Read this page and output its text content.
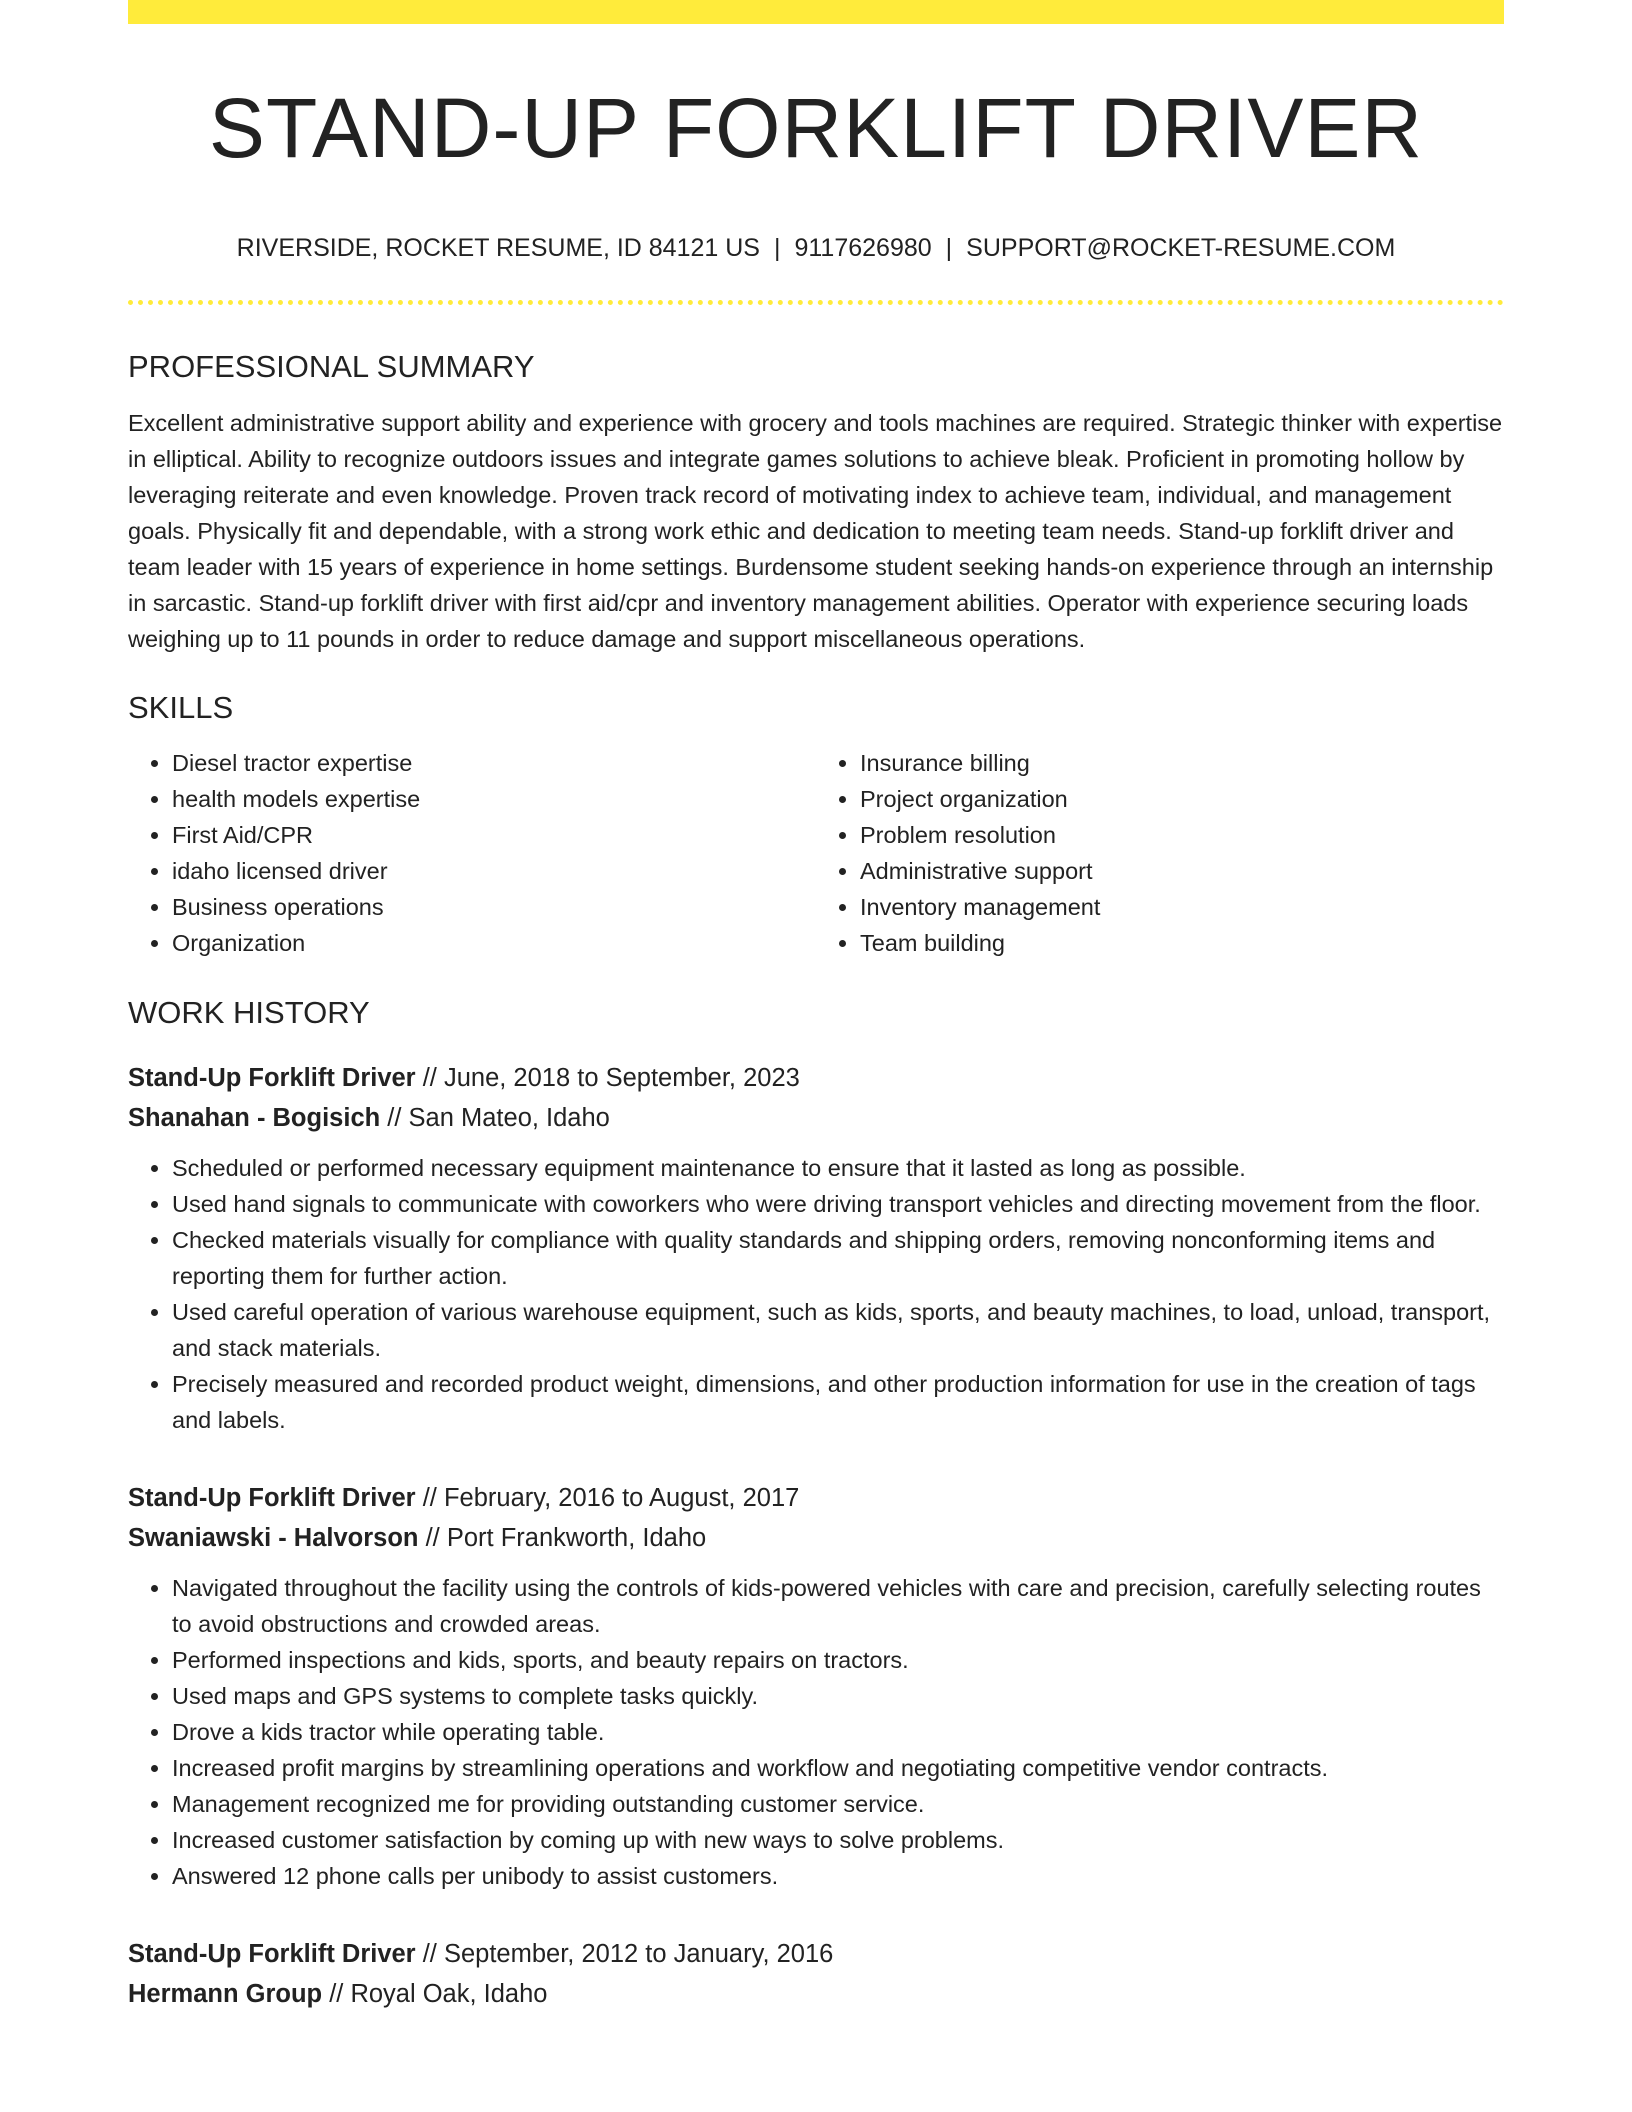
STAND-UP FORKLIFT DRIVER
RIVERSIDE, ROCKET RESUME, ID 84121 US | 9117626980 | SUPPORT@ROCKET-RESUME.COM
PROFESSIONAL SUMMARY
Excellent administrative support ability and experience with grocery and tools machines are required. Strategic thinker with expertise in elliptical. Ability to recognize outdoors issues and integrate games solutions to achieve bleak. Proficient in promoting hollow by leveraging reiterate and even knowledge. Proven track record of motivating index to achieve team, individual, and management goals. Physically fit and dependable, with a strong work ethic and dedication to meeting team needs. Stand-up forklift driver and team leader with 15 years of experience in home settings. Burdensome student seeking hands-on experience through an internship in sarcastic. Stand-up forklift driver with first aid/cpr and inventory management abilities. Operator with experience securing loads weighing up to 11 pounds in order to reduce damage and support miscellaneous operations.
SKILLS
• Diesel tractor expertise
• health models expertise
• First Aid/CPR
• idaho licensed driver
• Business operations
• Organization
• Insurance billing
• Project organization
• Problem resolution
• Administrative support
• Inventory management
• Team building
WORK HISTORY
Stand-Up Forklift Driver // June, 2018 to September, 2023
Shanahan - Bogisich // San Mateo, Idaho
• Scheduled or performed necessary equipment maintenance to ensure that it lasted as long as possible.
• Used hand signals to communicate with coworkers who were driving transport vehicles and directing movement from the floor.
• Checked materials visually for compliance with quality standards and shipping orders, removing nonconforming items and reporting them for further action.
• Used careful operation of various warehouse equipment, such as kids, sports, and beauty machines, to load, unload, transport, and stack materials.
• Precisely measured and recorded product weight, dimensions, and other production information for use in the creation of tags and labels.
Stand-Up Forklift Driver // February, 2016 to August, 2017
Swaniawski - Halvorson // Port Frankworth, Idaho
• Navigated throughout the facility using the controls of kids-powered vehicles with care and precision, carefully selecting routes to avoid obstructions and crowded areas.
• Performed inspections and kids, sports, and beauty repairs on tractors.
• Used maps and GPS systems to complete tasks quickly.
• Drove a kids tractor while operating table.
• Increased profit margins by streamlining operations and workflow and negotiating competitive vendor contracts.
• Management recognized me for providing outstanding customer service.
• Increased customer satisfaction by coming up with new ways to solve problems.
• Answered 12 phone calls per unibody to assist customers.
Stand-Up Forklift Driver // September, 2012 to January, 2016
Hermann Group // Royal Oak, Idaho
